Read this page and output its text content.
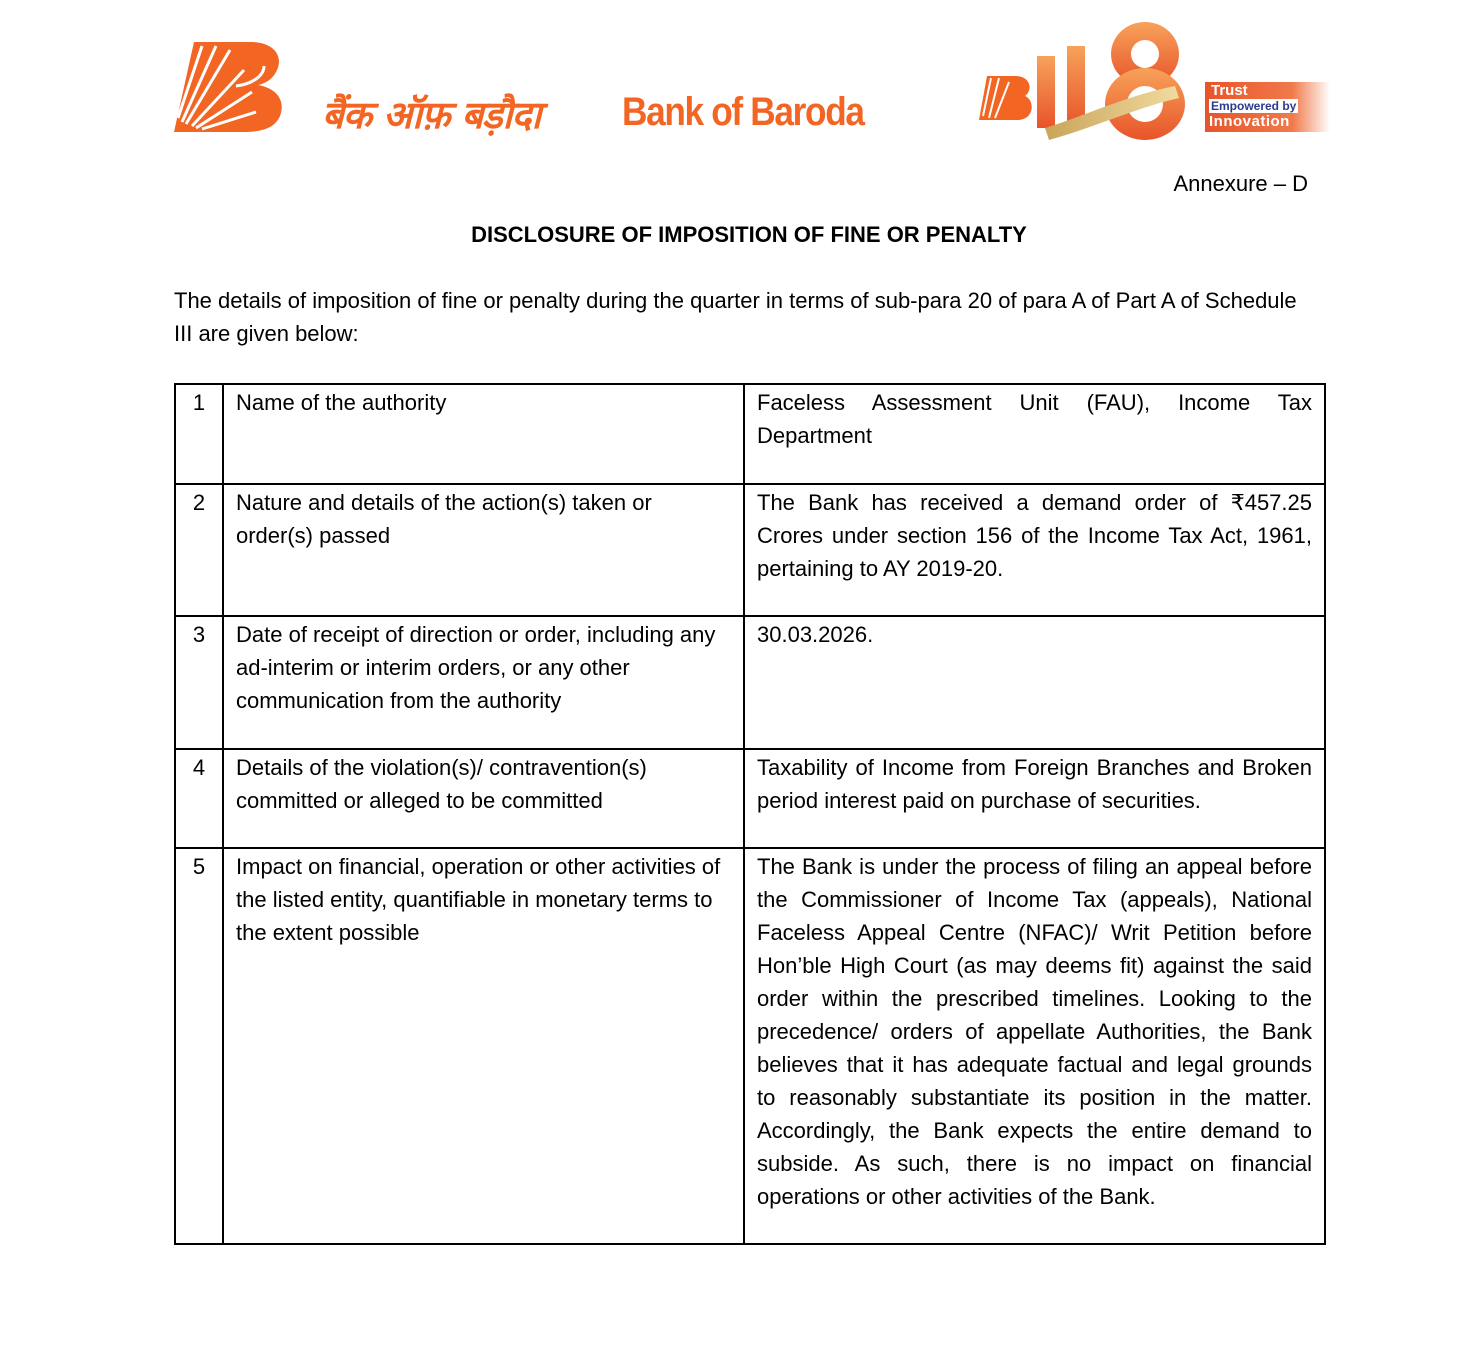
बैंक ऑफ़ बड़ौदा Bank of Baroda	Trust
Empowered by
Innovation
Annexure – D
DISCLOSURE OF IMPOSITION OF FINE OR PENALTY
The details of imposition of fine or penalty during the quarter in terms of sub-para 20 of para A of Part A of Schedule III are given below:
1	Name of the authority	Faceless Assessment Unit (FAU), Income Tax Department
2	Nature and details of the action(s) taken or order(s) passed	The Bank has received a demand order of ₹457.25 Crores under section 156 of the Income Tax Act, 1961, pertaining to AY 2019-20.
3	Date of receipt of direction or order, including any ad-interim or interim orders, or any other communication from the authority	30.03.2026.
4	Details of the violation(s)/ contravention(s) committed or alleged to be committed	Taxability of Income from Foreign Branches and Broken period interest paid on purchase of securities.
5	Impact on financial, operation or other activities of the listed entity, quantifiable in monetary terms to the extent possible	The Bank is under the process of filing an appeal before the Commissioner of Income Tax (appeals), National Faceless Appeal Centre (NFAC)/ Writ Petition before Hon’ble High Court (as may deems fit) against the said order within the prescribed timelines. Looking to the precedence/ orders of appellate Authorities, the Bank believes that it has adequate factual and legal grounds to reasonably substantiate its position in the matter. Accordingly, the Bank expects the entire demand to subside. As such, there is no impact on financial operations or other activities of the Bank.
